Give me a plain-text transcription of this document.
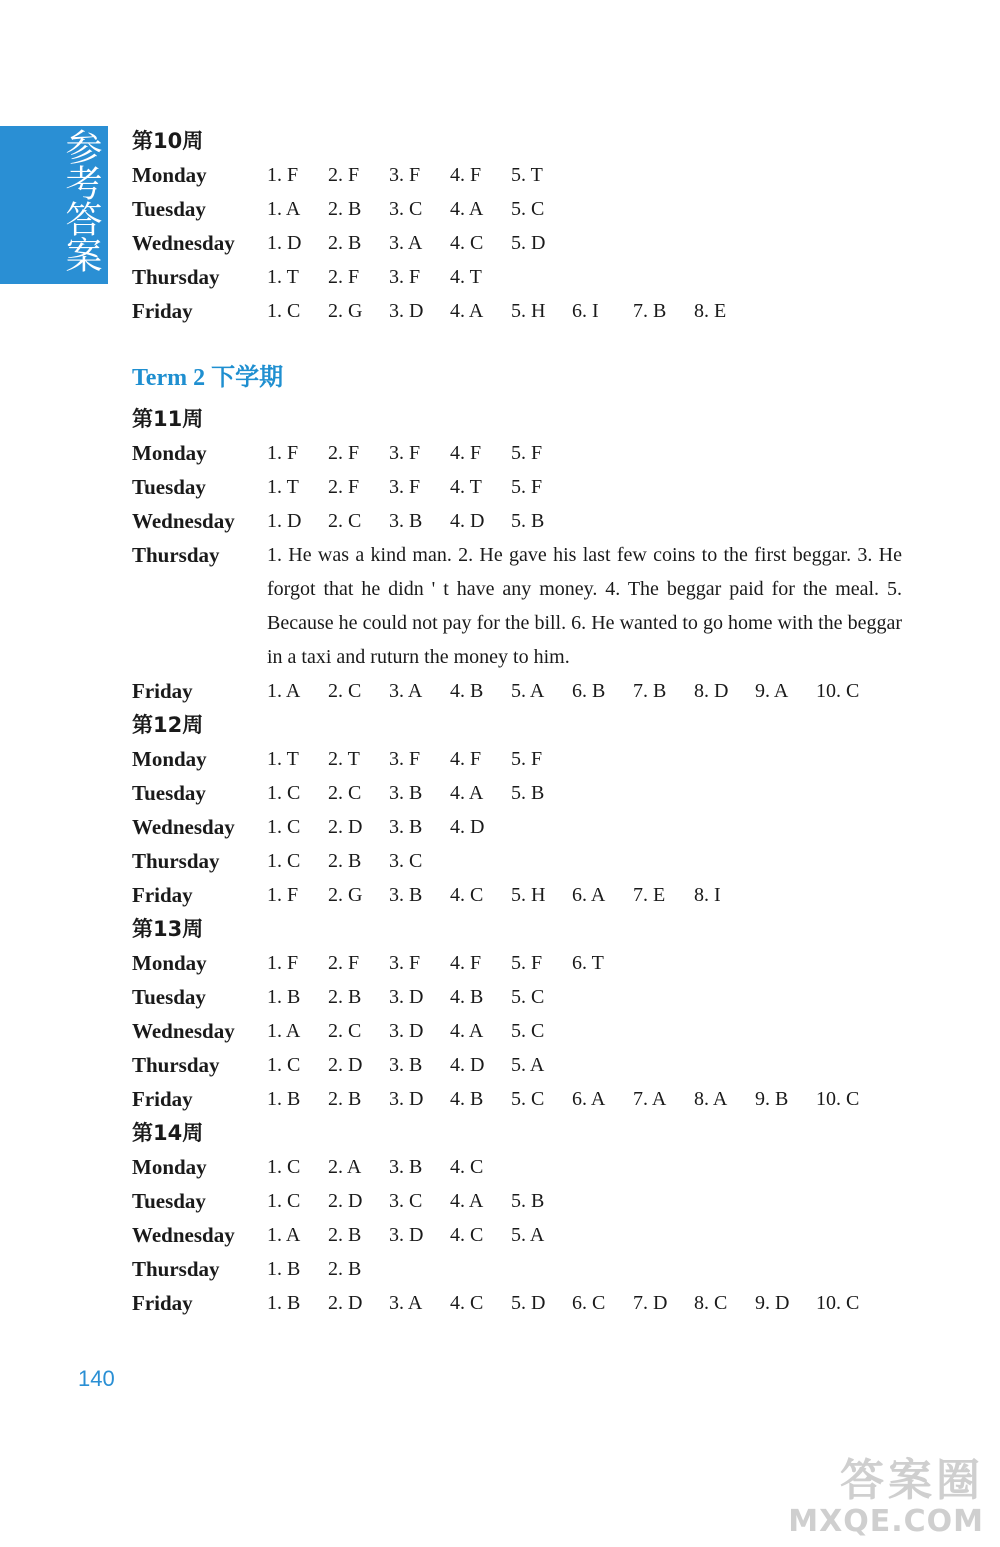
参考答案
ANSWER
第10周
Monday	1. F	2. F	3. F	4. F	5. T
Tuesday	1. A	2. B	3. C	4. A	5. C
Wednesday	1. D	2. B	3. A	4. C	5. D
Thursday	1. T	2. F	3. F	4. T
Friday	1. C	2. G	3. D	4. A	5. H	6. I	7. B	8. E
Term 2 下学期
第11周
Monday	1. F	2. F	3. F	4. F	5. F
Tuesday	1. T	2. F	3. F	4. T	5. F
Wednesday	1. D	2. C	3. B	4. D	5. B
Thursday	1. He was a kind man. 2. He gave his last few coins to the first beggar. 3. He forgot that he didn ' t have any money. 4. The beggar paid for the meal. 5. Because he could not pay for the bill. 6. He wanted to go home with the beggar in a taxi and ruturn the money to him.
Friday	1. A	2. C	3. A	4. B	5. A	6. B	7. B	8. D	9. A	10. C
第12周
Monday	1. T	2. T	3. F	4. F	5. F
Tuesday	1. C	2. C	3. B	4. A	5. B
Wednesday	1. C	2. D	3. B	4. D
Thursday	1. C	2. B	3. C
Friday	1. F	2. G	3. B	4. C	5. H	6. A	7. E	8. I
第13周
Monday	1. F	2. F	3. F	4. F	5. F	6. T
Tuesday	1. B	2. B	3. D	4. B	5. C
Wednesday	1. A	2. C	3. D	4. A	5. C
Thursday	1. C	2. D	3. B	4. D	5. A
Friday	1. B	2. B	3. D	4. B	5. C	6. A	7. A	8. A	9. B	10. C
第14周
Monday	1. C	2. A	3. B	4. C
Tuesday	1. C	2. D	3. C	4. A	5. B
Wednesday	1. A	2. B	3. D	4. C	5. A
Thursday	1. B	2. B
Friday	1. B	2. D	3. A	4. C	5. D	6. C	7. D	8. C	9. D	10. C
140
答案圈
MXQE.COM
